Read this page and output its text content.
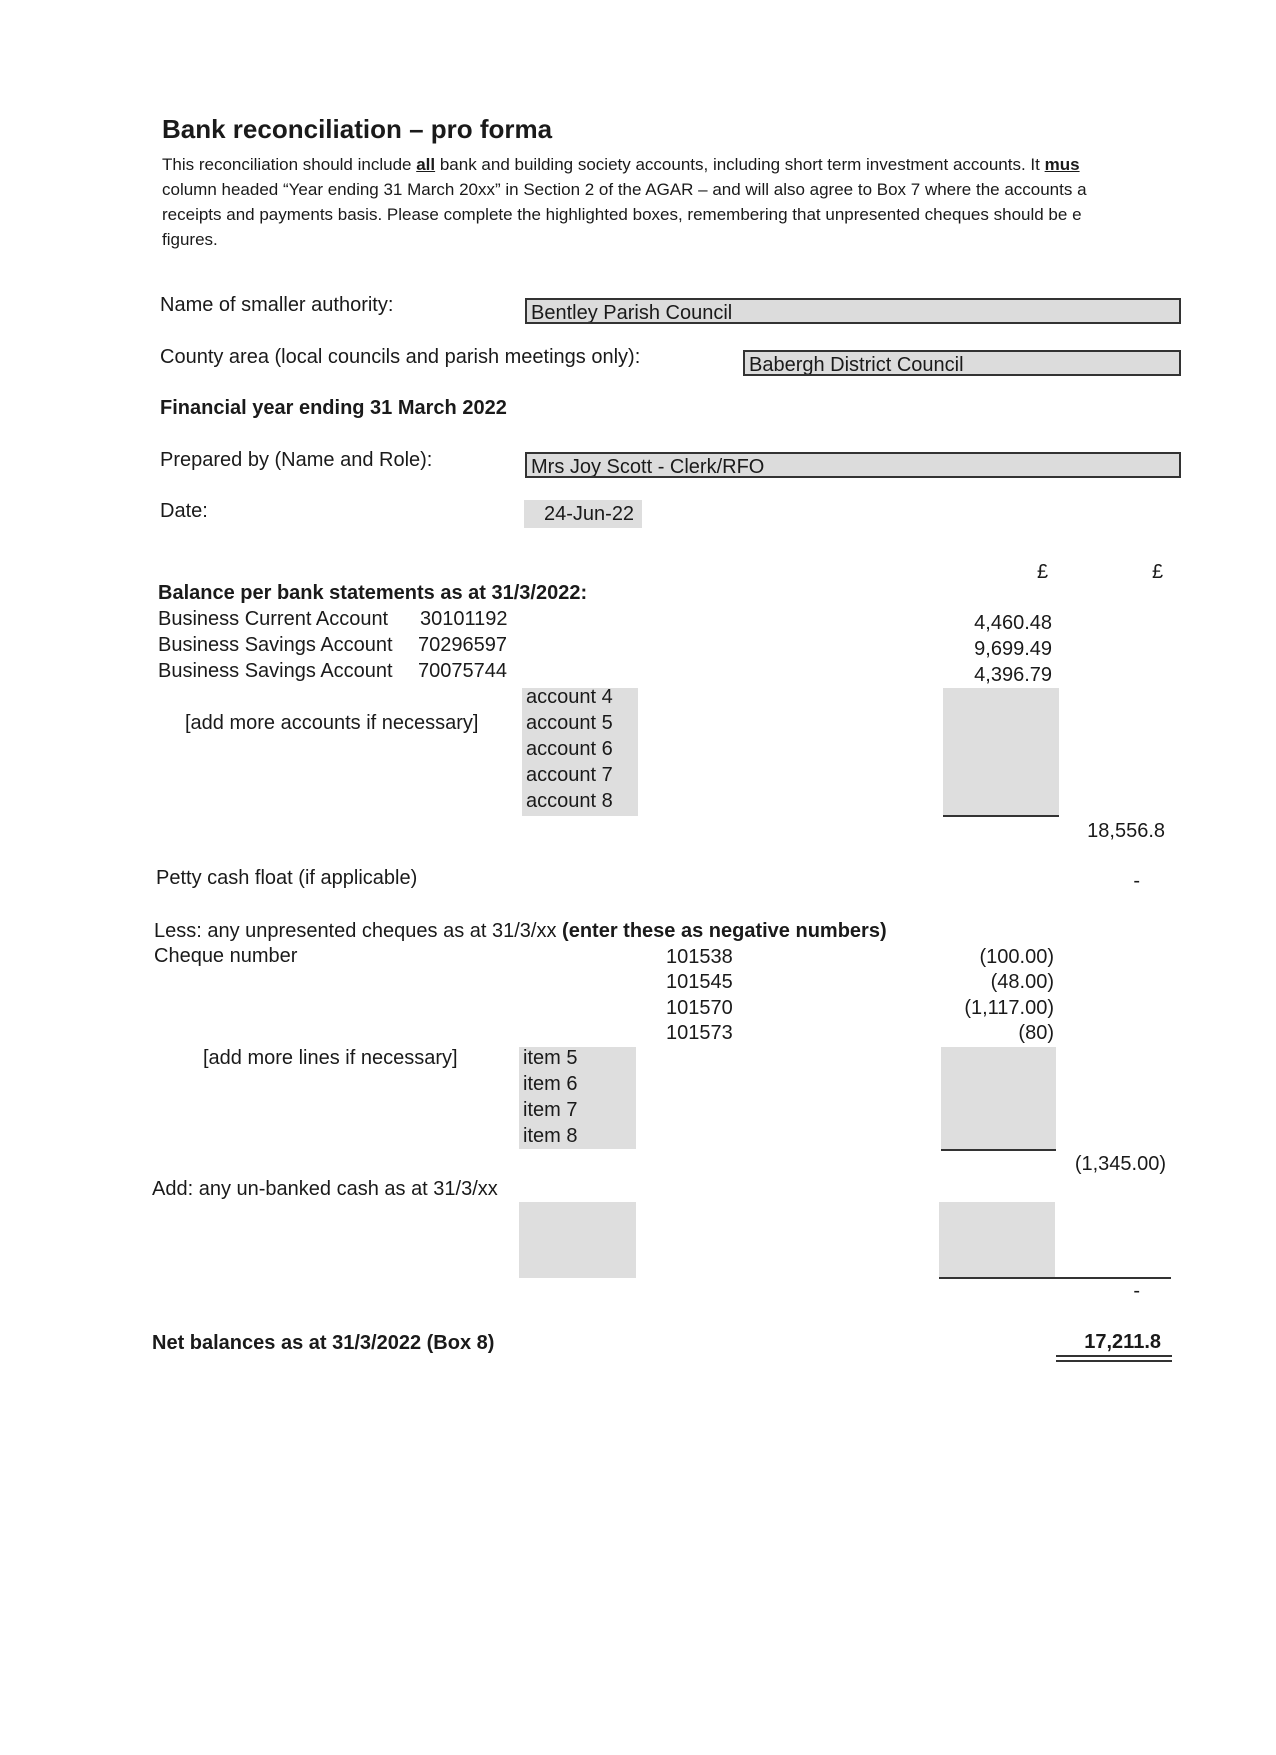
Bank reconciliation – pro forma
This reconciliation should include all bank and building society accounts, including short term investment accounts. It mus
column headed “Year ending 31 March 20xx” in Section 2 of the AGAR – and will also agree to Box 7 where the accounts a
receipts and payments basis. Please complete the highlighted boxes, remembering that unpresented cheques should be e
figures.
Name of smaller authority:	Bentley Parish Council
County area (local councils and parish meetings only):	Babergh District Council
Financial year ending 31 March 2022
Prepared by (Name and Role):	Mrs Joy Scott - Clerk/RFO
Date:	24-Jun-22
£	£
Balance per bank statements as at 31/3/2022:
Business Current Account 30101192	4,460.48
Business Savings Account 70296597	9,699.49
Business Savings Account 70075744	4,396.79
account 4
account 5
account 6
account 7
account 8
[add more accounts if necessary]
18,556.8
Petty cash float (if applicable)	-
Less: any unpresented cheques as at 31/3/xx (enter these as negative numbers)
Cheque number	101538	(100.00)
101545	(48.00)
101570	(1,117.00)
101573	(80)
item 5
item 6
item 7
item 8
[add more lines if necessary]
(1,345.00)
Add: any un-banked cash as at 31/3/xx
-
Net balances as at 31/3/2022 (Box 8)	17,211.8
